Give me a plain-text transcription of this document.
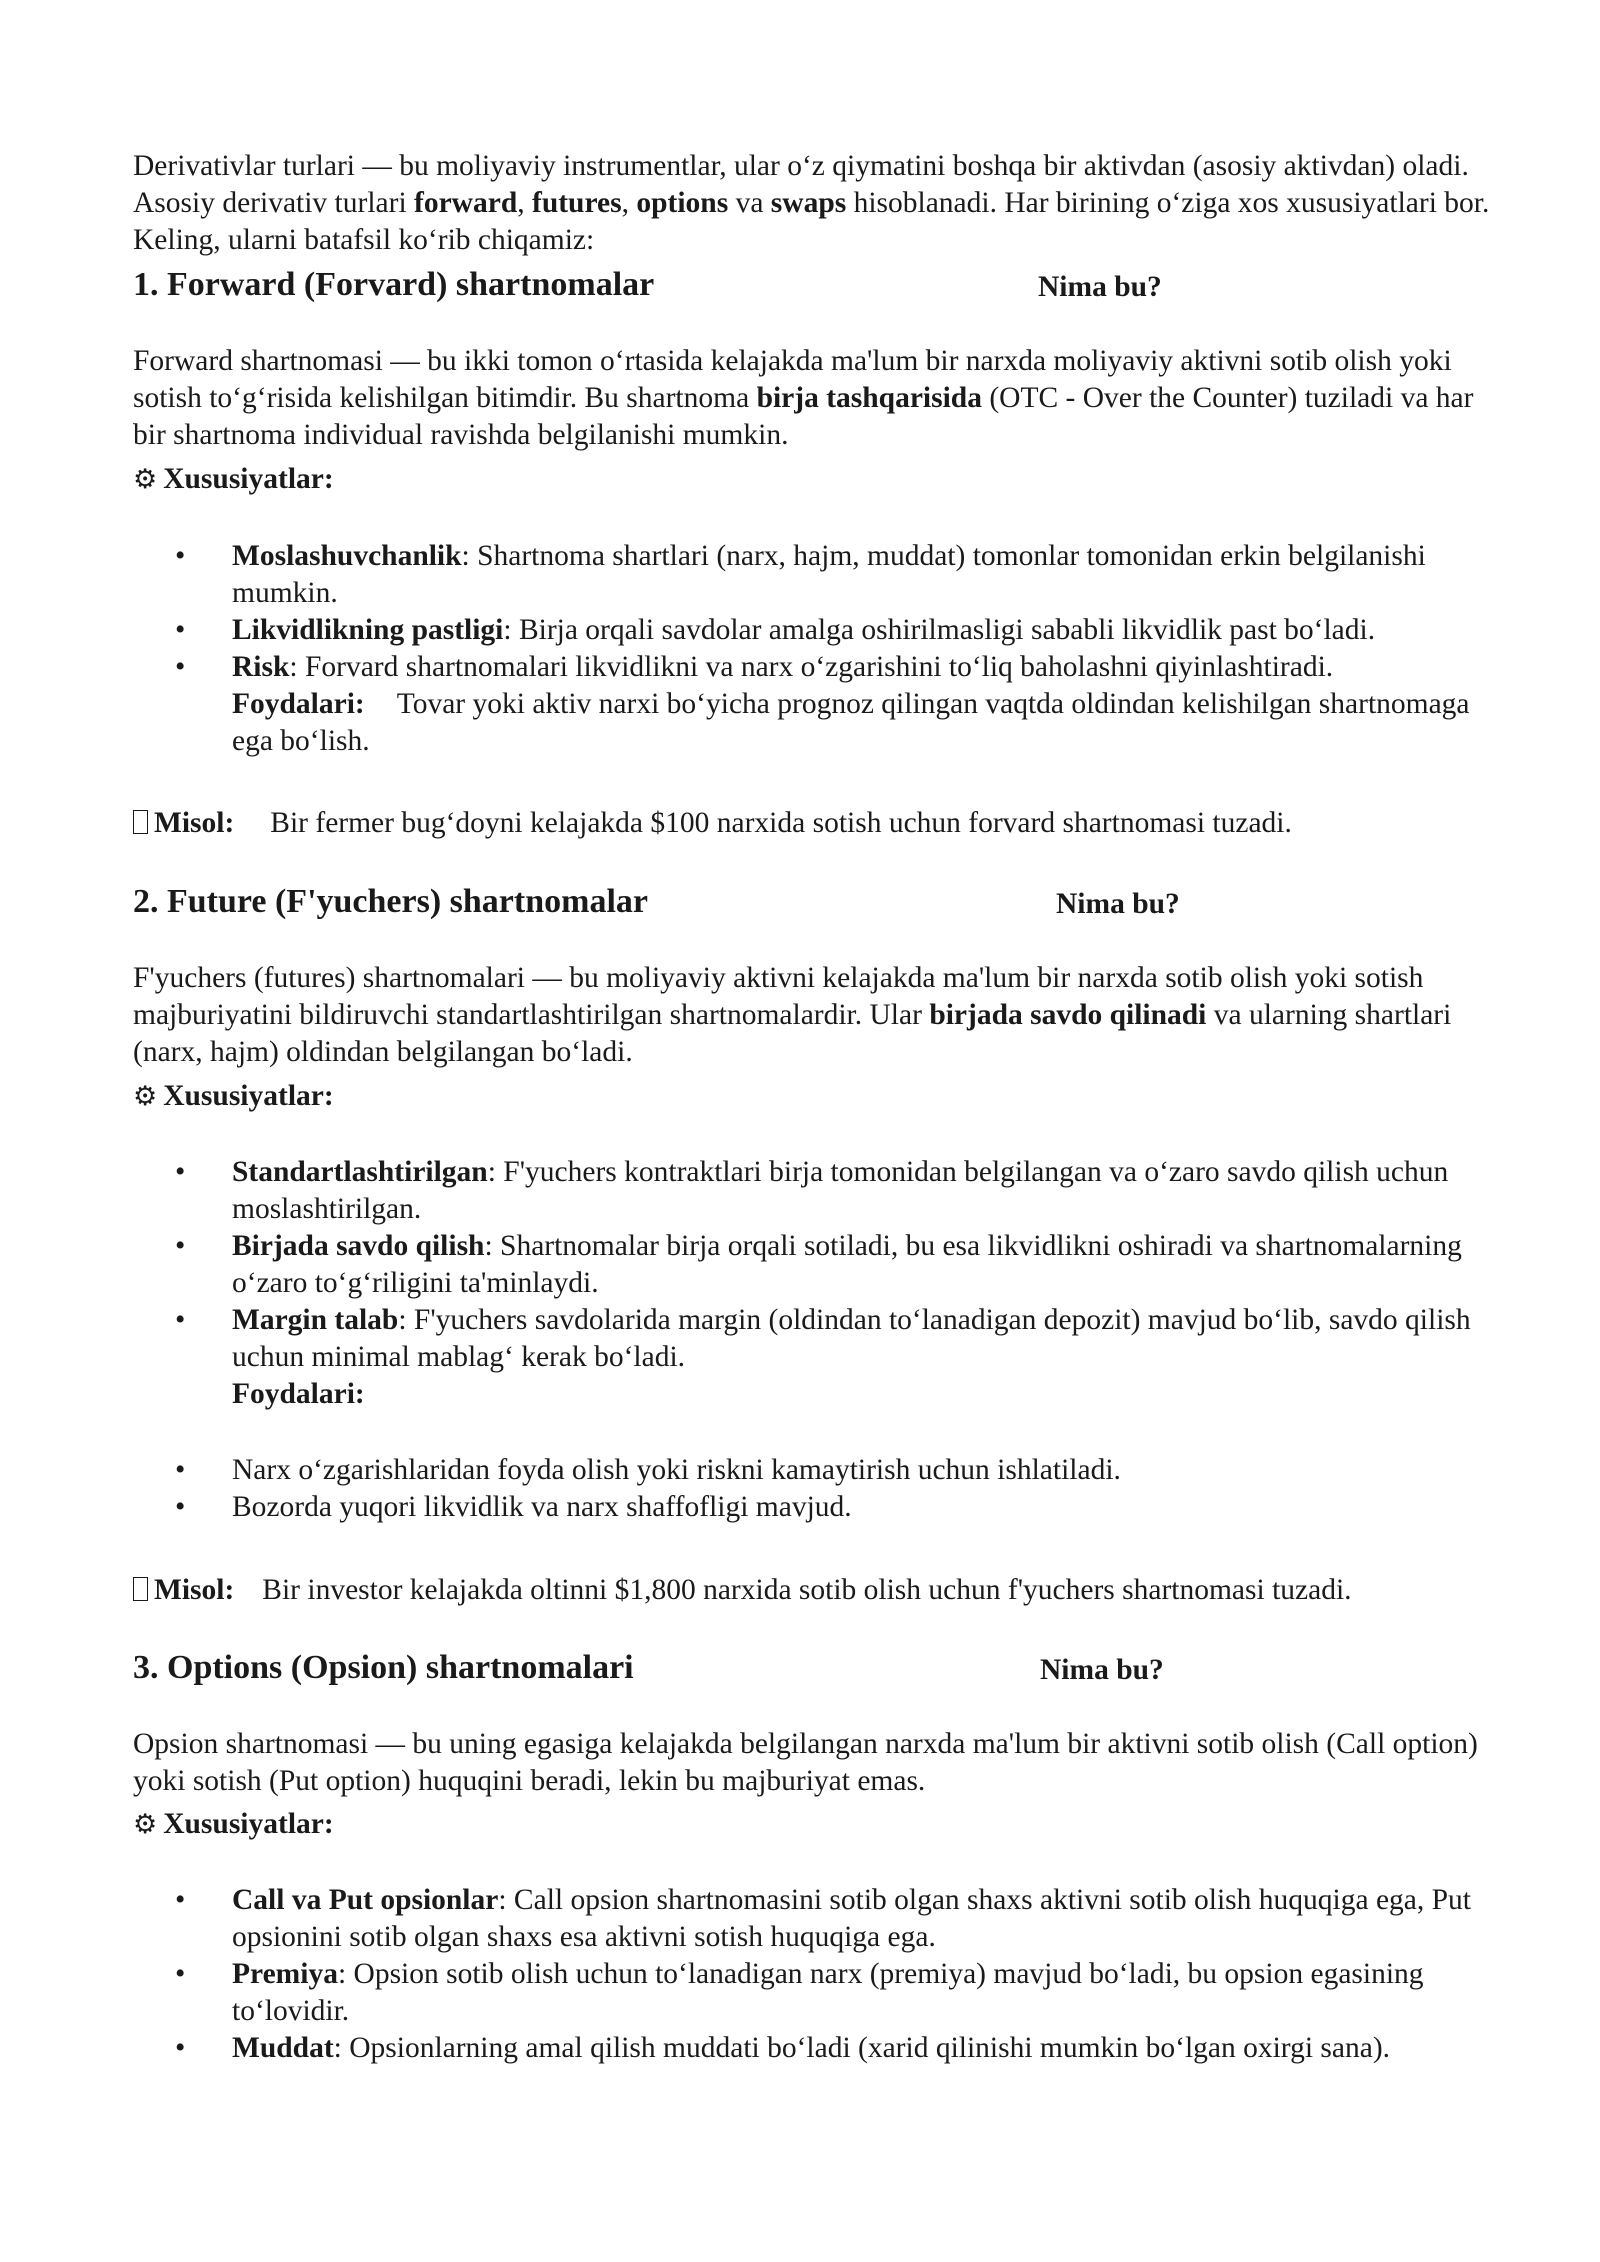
Derivativlar turlari — bu moliyaviy instrumentlar, ular o‘z qiymatini boshqa bir aktivdan (asosiy aktivdan) oladi. Asosiy derivativ turlari forward, futures, options va swaps hisoblanadi. Har birining o‘ziga xos xususiyatlari bor. Keling, ularni batafsil ko‘rib chiqamiz:

1. Forward (Forvard) shartnomalar	Nima bu?

Forward shartnomasi — bu ikki tomon o‘rtasida kelajakda ma'lum bir narxda moliyaviy aktivni sotib olish yoki sotish to‘g‘risida kelishilgan bitimdir. Bu shartnoma birja tashqarisida (OTC - Over the Counter) tuziladi va har bir shartnoma individual ravishda belgilanishi mumkin.

⚙ Xususiyatlar:
• Moslashuvchanlik: Shartnoma shartlari (narx, hajm, muddat) tomonlar tomonidan erkin belgilanishi mumkin.
• Likvidlikning pastligi: Birja orqali savdolar amalga oshirilmasligi sababli likvidlik past bo‘ladi.
• Risk: Forvard shartnomalari likvidlikni va narx o‘zgarishini to‘liq baholashni qiyinlashtiradi.
Foydalari: Tovar yoki aktiv narxi bo‘yicha prognoz qilingan vaqtda oldindan kelishilgan shartnomaga ega bo‘lish.
Misol: Bir fermer bug‘doyni kelajakda $100 narxida sotish uchun forvard shartnomasi tuzadi.
2. Future (F'yuchers) shartnomalar	Nima bu?

F'yuchers (futures) shartnomalari — bu moliyaviy aktivni kelajakda ma'lum bir narxda sotib olish yoki sotish majburiyatini bildiruvchi standartlashtirilgan shartnomalardir. Ular birjada savdo qilinadi va ularning shartlari (narx, hajm) oldindan belgilangan bo‘ladi.

⚙ Xususiyatlar:
• Standartlashtirilgan: F'yuchers kontraktlari birja tomonidan belgilangan va o‘zaro savdo qilish uchun moslashtirilgan.
• Birjada savdo qilish: Shartnomalar birja orqali sotiladi, bu esa likvidlikni oshiradi va shartnomalarning o‘zaro to‘g‘riligini ta'minlaydi.
• Margin talab: F'yuchers savdolarida margin (oldindan to‘lanadigan depozit) mavjud bo‘lib, savdo qilish uchun minimal mablag‘ kerak bo‘ladi.
Foydalari:
• Narx o‘zgarishlaridan foyda olish yoki riskni kamaytirish uchun ishlatiladi.
• Bozorda yuqori likvidlik va narx shaffofligi mavjud.
Misol: Bir investor kelajakda oltinni $1,800 narxida sotib olish uchun f'yuchers shartnomasi tuzadi.
3. Options (Opsion) shartnomalari	Nima bu?

Opsion shartnomasi — bu uning egasiga kelajakda belgilangan narxda ma'lum bir aktivni sotib olish (Call option) yoki sotish (Put option) huquqini beradi, lekin bu majburiyat emas.

⚙ Xususiyatlar:
• Call va Put opsionlar: Call opsion shartnomasini sotib olgan shaxs aktivni sotib olish huquqiga ega, Put opsionini sotib olgan shaxs esa aktivni sotish huquqiga ega.
• Premiya: Opsion sotib olish uchun to‘lanadigan narx (premiya) mavjud bo‘ladi, bu opsion egasining to‘lovidir.
• Muddat: Opsionlarning amal qilish muddati bo‘ladi (xarid qilinishi mumkin bo‘lgan oxirgi sana).
